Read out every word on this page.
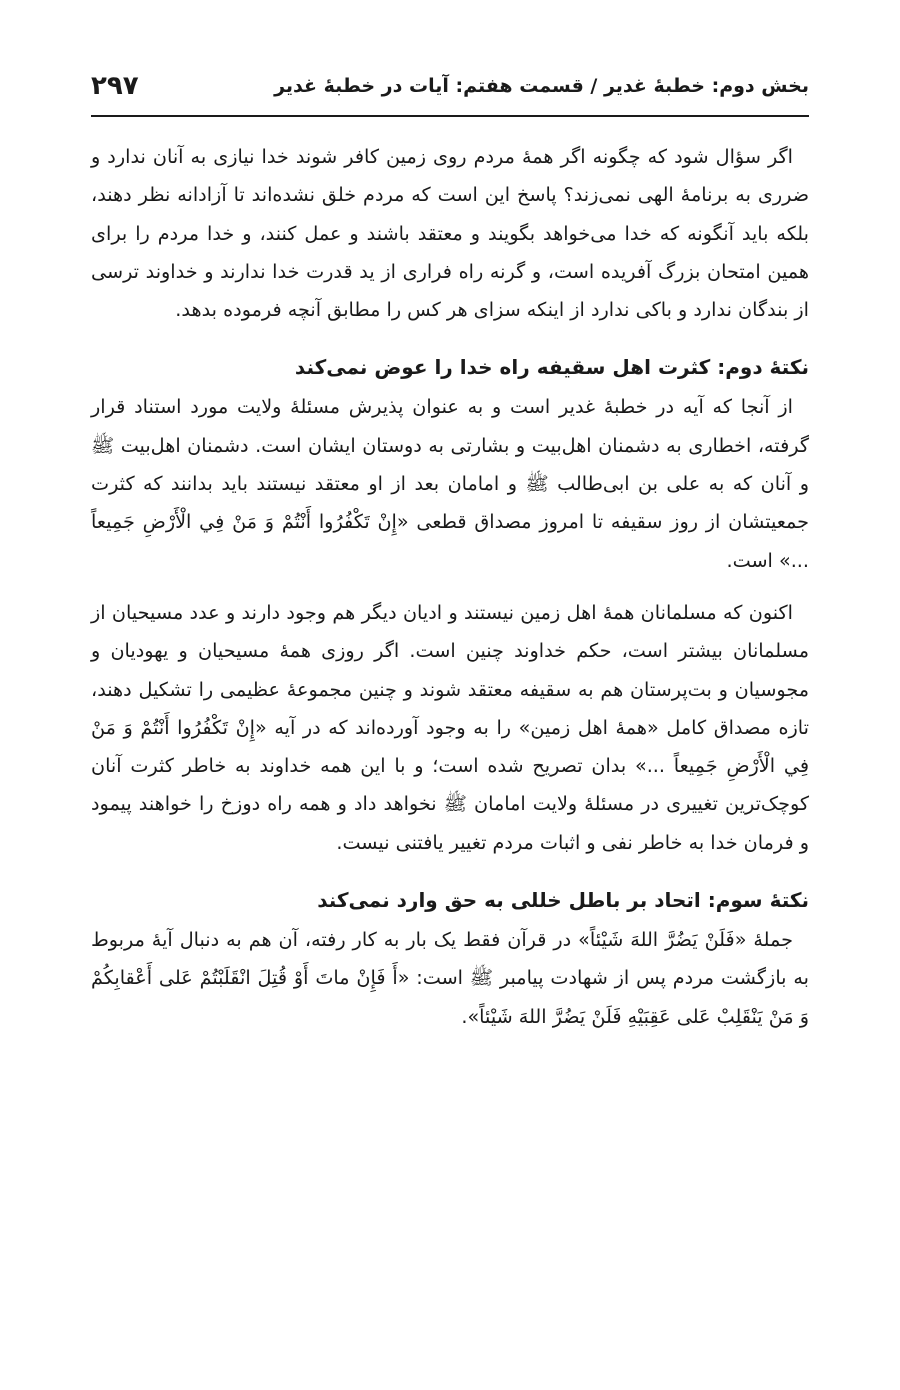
بخش دوم: خطبهٔ غدیر / قسمت هفتم: آیات در خطبهٔ غدیر
۲۹۷

اگر سؤال شود که چگونه اگر همهٔ مردم روی زمین کافر شوند خدا نیازی به آنان ندارد و ضرری به برنامهٔ الهی نمی‌زند؟ پاسخ این است که مردم خلق نشده‌اند تا آزادانه نظر دهند، بلکه باید آنگونه که خدا می‌خواهد بگویند و معتقد باشند و عمل کنند، و خدا مردم را برای همین امتحان بزرگ آفریده است، و گرنه راه فراری از ید قدرت خدا ندارند و خداوند ترسی از بندگان ندارد و باکی ندارد از اینکه سزای هر کس را مطابق آنچه فرموده بدهد.

نکتهٔ دوم: کثرت اهل سقیفه راه خدا را عوض نمی‌کند

از آنجا که آیه در خطبهٔ غدیر است و به عنوان پذیرش مسئلهٔ ولایت مورد استناد قرار گرفته، اخطاری به دشمنان اهل‌بیت و بشارتی به دوستان ایشان است. دشمنان اهل‌بیت ﷺ و آنان که به علی بن ابی‌طالب ﷺ و امامان بعد از او معتقد نیستند باید بدانند که کثرت جمعیتشان از روز سقیفه تا امروز مصداق قطعی «إِنْ تَكْفُرُوا أَنْتُمْ وَ مَنْ فِي الْأَرْضِ جَمِيعاً ...» است.

اکنون که مسلمانان همهٔ اهل زمین نیستند و ادیان دیگر هم وجود دارند و عدد مسیحیان از مسلمانان بیشتر است، حکم خداوند چنین است. اگر روزی همهٔ مسیحیان و یهودیان و مجوسیان و بت‌پرستان هم به سقیفه معتقد شوند و چنین مجموعهٔ عظیمی را تشکیل دهند، تازه مصداق کامل «همهٔ اهل زمین» را به وجود آورده‌اند که در آیه «إِنْ تَكْفُرُوا أَنْتُمْ وَ مَنْ فِي الْأَرْضِ جَمِيعاً ...» بدان تصریح شده است؛ و با این همه خداوند به خاطر کثرت آنان کوچک‌ترین تغییری در مسئلهٔ ولایت امامان ﷺ نخواهد داد و همه راه دوزخ را خواهند پیمود و فرمان خدا به خاطر نفی و اثبات مردم تغییر یافتنی نیست.

نکتهٔ سوم: اتحاد بر باطل خللی به حق وارد نمی‌کند

جملهٔ «فَلَنْ يَضُرَّ اللهَ شَيْئاً» در قرآن فقط یک بار به کار رفته، آن هم به دنبال آیهٔ مربوط به بازگشت مردم پس از شهادت پیامبر ﷺ است: «أَ فَإِنْ ماتَ أَوْ قُتِلَ انْقَلَبْتُمْ عَلى أَعْقابِكُمْ وَ مَنْ يَنْقَلِبْ عَلى عَقِبَيْهِ فَلَنْ يَضُرَّ اللهَ شَيْئاً».
